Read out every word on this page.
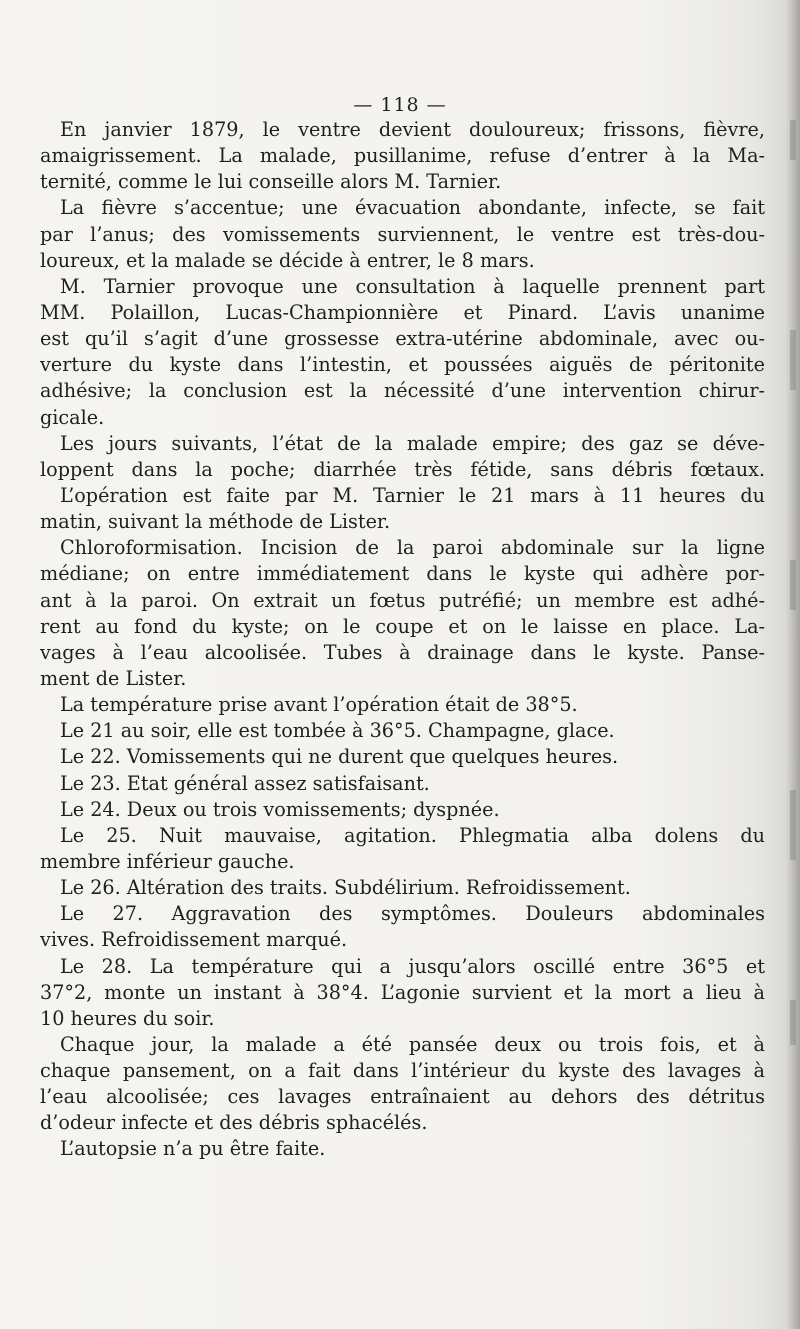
— 118 —
En janvier 1879, le ventre devient douloureux; frissons, fièvre,
amaigrissement. La malade, pusillanime, refuse d’entrer à la Ma-
ternité, comme le lui conseille alors M. Tarnier.
La fièvre s’accentue; une évacuation abondante, infecte, se fait
par l’anus; des vomissements surviennent, le ventre est très-dou-
loureux, et la malade se décide à entrer, le 8 mars.
M. Tarnier provoque une consultation à laquelle prennent part
MM. Polaillon, Lucas-Championnière et Pinard. L’avis unanime
est qu’il s’agit d’une grossesse extra-utérine abdominale, avec ou-
verture du kyste dans l’intestin, et poussées aiguës de péritonite
adhésive; la conclusion est la nécessité d’une intervention chirur-
gicale.
Les jours suivants, l’état de la malade empire; des gaz se déve-
loppent dans la poche; diarrhée très fétide, sans débris fœtaux.
L’opération est faite par M. Tarnier le 21 mars à 11 heures du
matin, suivant la méthode de Lister.
Chloroformisation. Incision de la paroi abdominale sur la ligne
médiane; on entre immédiatement dans le kyste qui adhère por-
ant à la paroi. On extrait un fœtus putréfié; un membre est adhé-
rent au fond du kyste; on le coupe et on le laisse en place. La-
vages à l’eau alcoolisée. Tubes à drainage dans le kyste. Panse-
ment de Lister.
La température prise avant l’opération était de 38°5.
Le 21 au soir, elle est tombée à 36°5. Champagne, glace.
Le 22. Vomissements qui ne durent que quelques heures.
Le 23. Etat général assez satisfaisant.
Le 24. Deux ou trois vomissements; dyspnée.
Le 25. Nuit mauvaise, agitation. Phlegmatia alba dolens du
membre inférieur gauche.
Le 26. Altération des traits. Subdélirium. Refroidissement.
Le 27. Aggravation des symptômes. Douleurs abdominales
vives. Refroidissement marqué.
Le 28. La température qui a jusqu’alors oscillé entre 36°5 et
37°2, monte un instant à 38°4. L’agonie survient et la mort a lieu à
10 heures du soir.
Chaque jour, la malade a été pansée deux ou trois fois, et à
chaque pansement, on a fait dans l’intérieur du kyste des lavages à
l’eau alcoolisée; ces lavages entraînaient au dehors des détritus
d’odeur infecte et des débris sphacélés.
L’autopsie n’a pu être faite.
